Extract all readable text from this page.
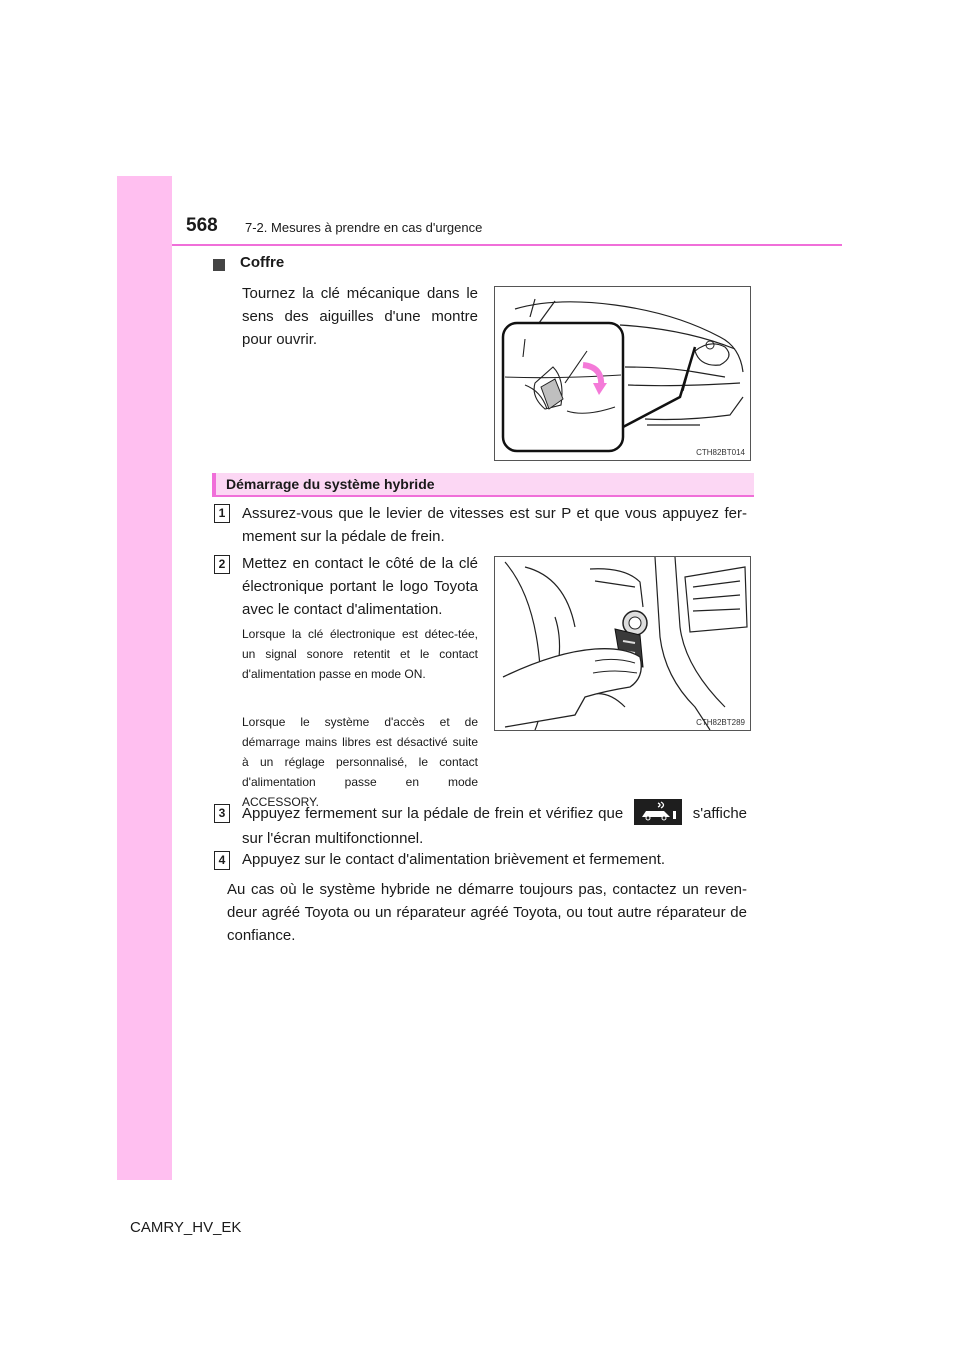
568 7-2. Mesures à prendre en cas d'urgence
Coffre
Tournez la clé mécanique dans le sens des aiguilles d'une montre pour ouvrir.
CTH82BT014
Démarrage du système hybride
1	Assurez-vous que le levier de vitesses est sur P et que vous appuyez fer-mement sur la pédale de frein.
2	Mettez en contact le côté de la clé électronique portant le logo Toyota avec le contact d'alimentation.
Lorsque la clé électronique est détec-tée, un signal sonore retentit et le contact d'alimentation passe en mode ON.
Lorsque le système d'accès et de démarrage mains libres est désactivé suite à un réglage personnalisé, le contact d'alimentation passe en mode ACCESSORY.
CTH82BT289
3	Appuyez fermement sur la pédale de frein et vérifiez que	s'affiche sur l'écran multifonctionnel.
4	Appuyez sur le contact d'alimentation brièvement et fermement.
Au cas où le système hybride ne démarre toujours pas, contactez un reven-deur agréé Toyota ou un réparateur agréé Toyota, ou tout autre réparateur de confiance.
CAMRY_HV_EK
